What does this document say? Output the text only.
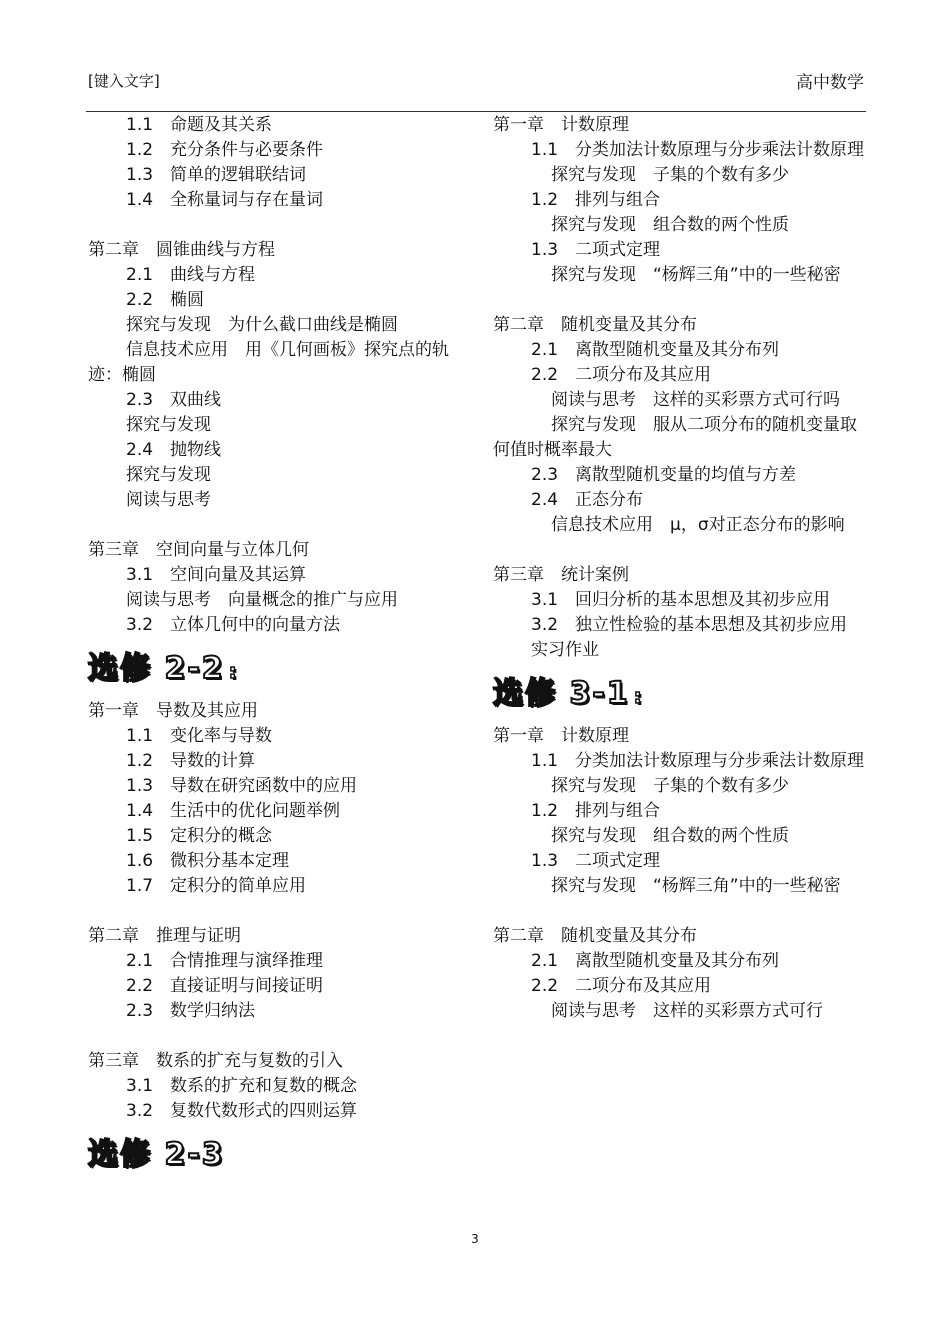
[键入文字]	高中数学
1.1 命题及其关系
1.2 充分条件与必要条件
1.3 简单的逻辑联结词
1.4 全称量词与存在量词
第二章　圆锥曲线与方程
2.1 曲线与方程
2.2 椭圆
探究与发现　为什么截口曲线是椭圆
信息技术应用　用《几何画板》探究点的轨迹：椭圆
2.3 双曲线
探究与发现
2.4 抛物线
探究与发现
阅读与思考
第三章　空间向量与立体几何
3.1 空间向量及其运算
阅读与思考　向量概念的推广与应用
3.2 立体几何中的向量方法
选修 2-2 :
第一章　导数及其应用
1.1 变化率与导数
1.2 导数的计算
1.3 导数在研究函数中的应用
1.4 生活中的优化问题举例
1.5 定积分的概念
1.6 微积分基本定理
1.7 定积分的简单应用
第二章　推理与证明
2.1 合情推理与演绎推理
2.2 直接证明与间接证明
2.3 数学归纳法
第三章　数系的扩充与复数的引入
3.1 数系的扩充和复数的概念
3.2 复数代数形式的四则运算
选修 2-3
第一章　计数原理
1.1　分类加法计数原理与分步乘法计数原理
探究与发现　子集的个数有多少
1.2 排列与组合
探究与发现　组合数的两个性质
1.3 二项式定理
探究与发现　“杨辉三角”中的一些秘密
第二章　随机变量及其分布
2.1 离散型随机变量及其分布列
2.2 二项分布及其应用
阅读与思考　这样的买彩票方式可行吗
探究与发现　服从二项分布的随机变量取何值时概率最大
2.3 离散型随机变量的均值与方差
2.4 正态分布
信息技术应用　μ，σ对正态分布的影响
第三章　统计案例
3.1　回归分析的基本思想及其初步应用
3.2　独立性检验的基本思想及其初步应用
实习作业
选修 3-1 :
第一章　计数原理
1.1　分类加法计数原理与分步乘法计数原理
探究与发现　子集的个数有多少
1.2 排列与组合
探究与发现　组合数的两个性质
1.3 二项式定理
探究与发现　“杨辉三角”中的一些秘密
第二章　随机变量及其分布
2.1 离散型随机变量及其分布列
2.2 二项分布及其应用
阅读与思考　这样的买彩票方式可行
3
